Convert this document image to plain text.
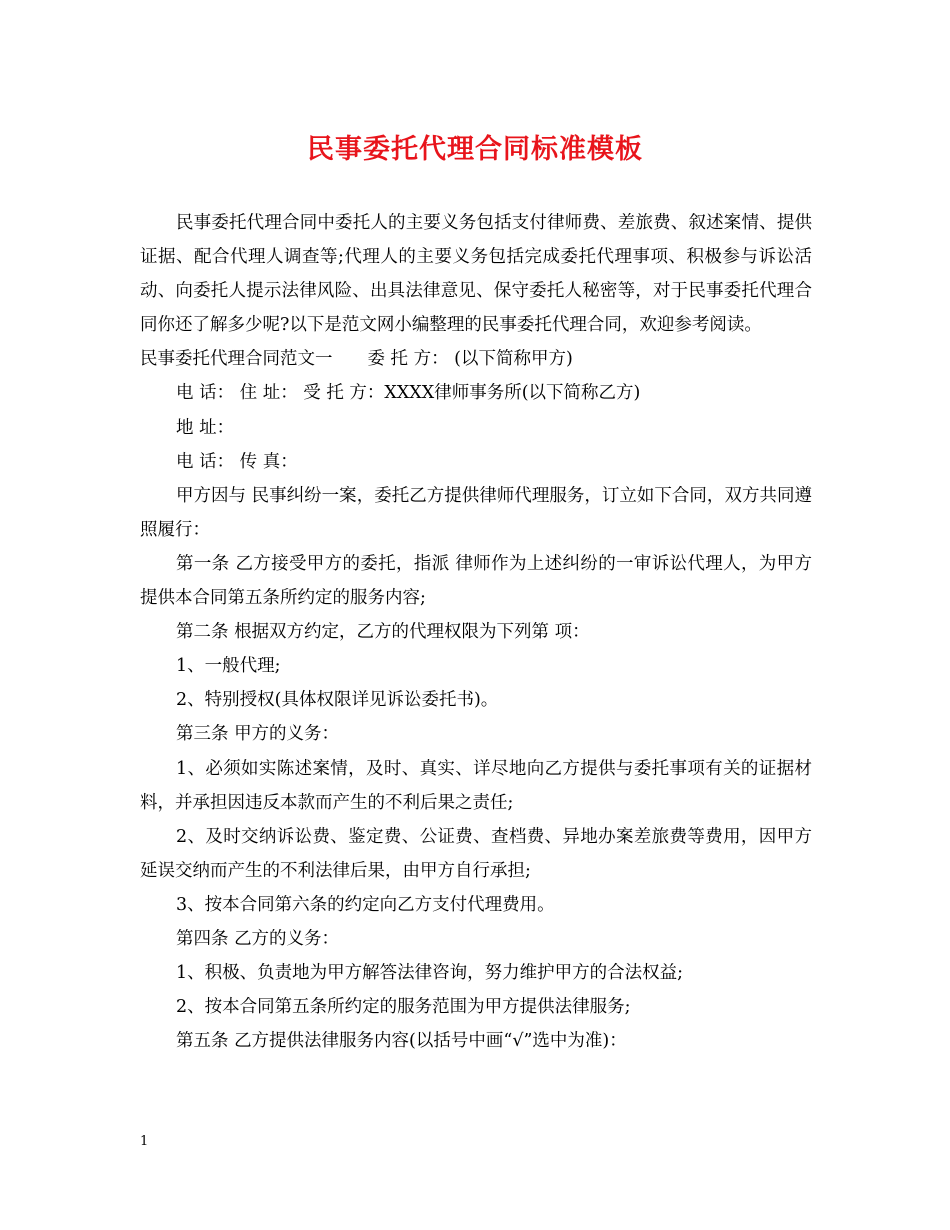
民事委托代理合同标准模板

民事委托代理合同中委托人的主要义务包括支付律师费、差旅费、叙述案情、提供证据、配合代理人调查等;代理人的主要义务包括完成委托代理事项、积极参与诉讼活动、向委托人提示法律风险、出具法律意见、保守委托人秘密等，对于民事委托代理合同你还了解多少呢?以下是范文网小编整理的民事委托代理合同，欢迎参考阅读。

民事委托代理合同范文一　　委 托 方： (以下简称甲方)

电 话： 住 址： 受 托 方：XXXX律师事务所(以下简称乙方)

地 址：

电 话： 传 真：

甲方因与 民事纠纷一案，委托乙方提供律师代理服务，订立如下合同，双方共同遵照履行：

第一条 乙方接受甲方的委托，指派 律师作为上述纠纷的一审诉讼代理人，为甲方提供本合同第五条所约定的服务内容;

第二条 根据双方约定，乙方的代理权限为下列第 项：

1、一般代理;

2、特别授权(具体权限详见诉讼委托书)。

第三条 甲方的义务：

1、必须如实陈述案情，及时、真实、详尽地向乙方提供与委托事项有关的证据材料，并承担因违反本款而产生的不利后果之责任;

2、及时交纳诉讼费、鉴定费、公证费、查档费、异地办案差旅费等费用，因甲方延误交纳而产生的不利法律后果，由甲方自行承担;

3、按本合同第六条的约定向乙方支付代理费用。

第四条 乙方的义务：

1、积极、负责地为甲方解答法律咨询，努力维护甲方的合法权益;

2、按本合同第五条所约定的服务范围为甲方提供法律服务;

第五条 乙方提供法律服务内容(以括号中画“√”选中为准)：

1
